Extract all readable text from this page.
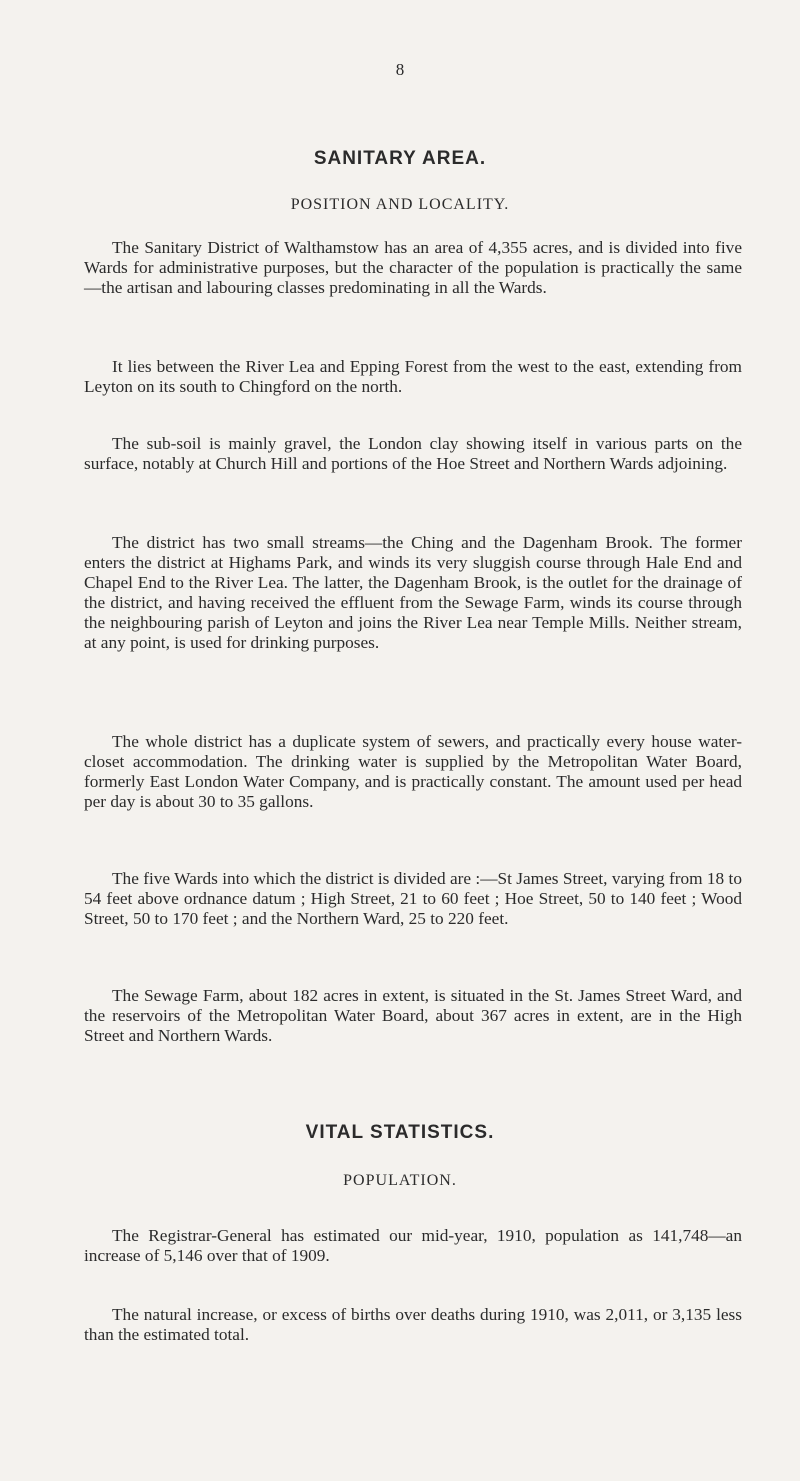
8
SANITARY AREA.
POSITION AND LOCALITY.

The Sanitary District of Walthamstow has an area of 4,355 acres, and is divided into five Wards for administrative purposes, but the character of the population is practically the same—the artisan and labouring classes predominating in all the Wards.

It lies between the River Lea and Epping Forest from the west to the east, extending from Leyton on its south to Chingford on the north.

The sub-soil is mainly gravel, the London clay showing itself in various parts on the surface, notably at Church Hill and portions of the Hoe Street and Northern Wards adjoining.

The district has two small streams—the Ching and the Dagenham Brook. The former enters the district at Highams Park, and winds its very sluggish course through Hale End and Chapel End to the River Lea. The latter, the Dagenham Brook, is the outlet for the drainage of the district, and having received the effluent from the Sewage Farm, winds its course through the neighbouring parish of Leyton and joins the River Lea near Temple Mills. Neither stream, at any point, is used for drinking purposes.

The whole district has a duplicate system of sewers, and practically every house water-closet accommodation. The drinking water is supplied by the Metropolitan Water Board, formerly East London Water Company, and is practically constant. The amount used per head per day is about 30 to 35 gallons.

The five Wards into which the district is divided are :—St James Street, varying from 18 to 54 feet above ordnance datum ; High Street, 21 to 60 feet ; Hoe Street, 50 to 140 feet ; Wood Street, 50 to 170 feet ; and the Northern Ward, 25 to 220 feet.

The Sewage Farm, about 182 acres in extent, is situated in the St. James Street Ward, and the reservoirs of the Metropolitan Water Board, about 367 acres in extent, are in the High Street and Northern Wards.

VITAL STATISTICS.
POPULATION.

The Registrar-General has estimated our mid-year, 1910, population as 141,748—an increase of 5,146 over that of 1909.

The natural increase, or excess of births over deaths during 1910, was 2,011, or 3,135 less than the estimated total.
